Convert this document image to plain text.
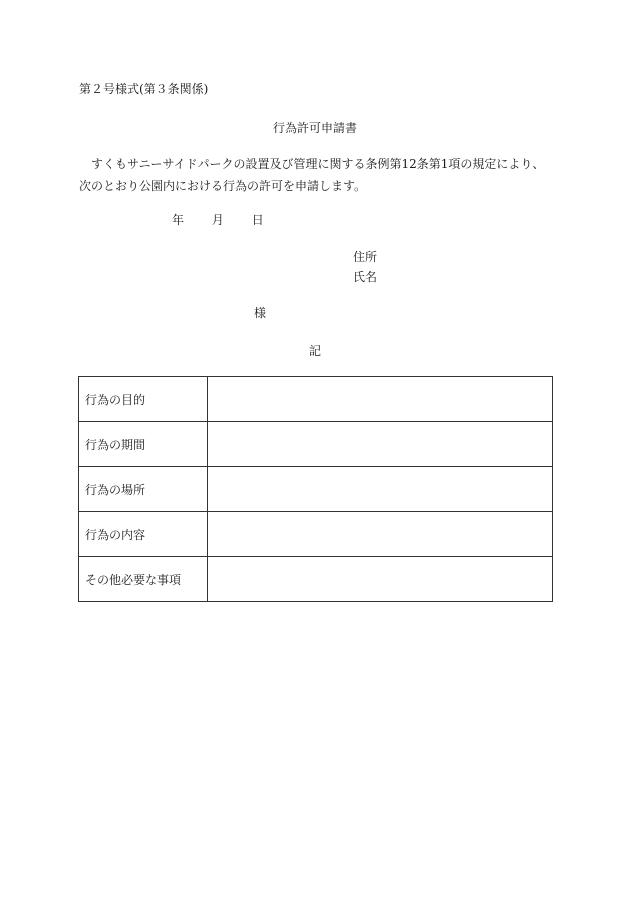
第２号様式(第３条関係)
行為許可申請書
すくもサニーサイドパークの設置及び管理に関する条例第12条第1項の規定により、次のとおり公園内における行為の許可を申請します。
年 月 日
住所
氏名
様
記
行為の目的	
行為の期間	
行為の場所	
行為の内容	
その他必要な事項	
